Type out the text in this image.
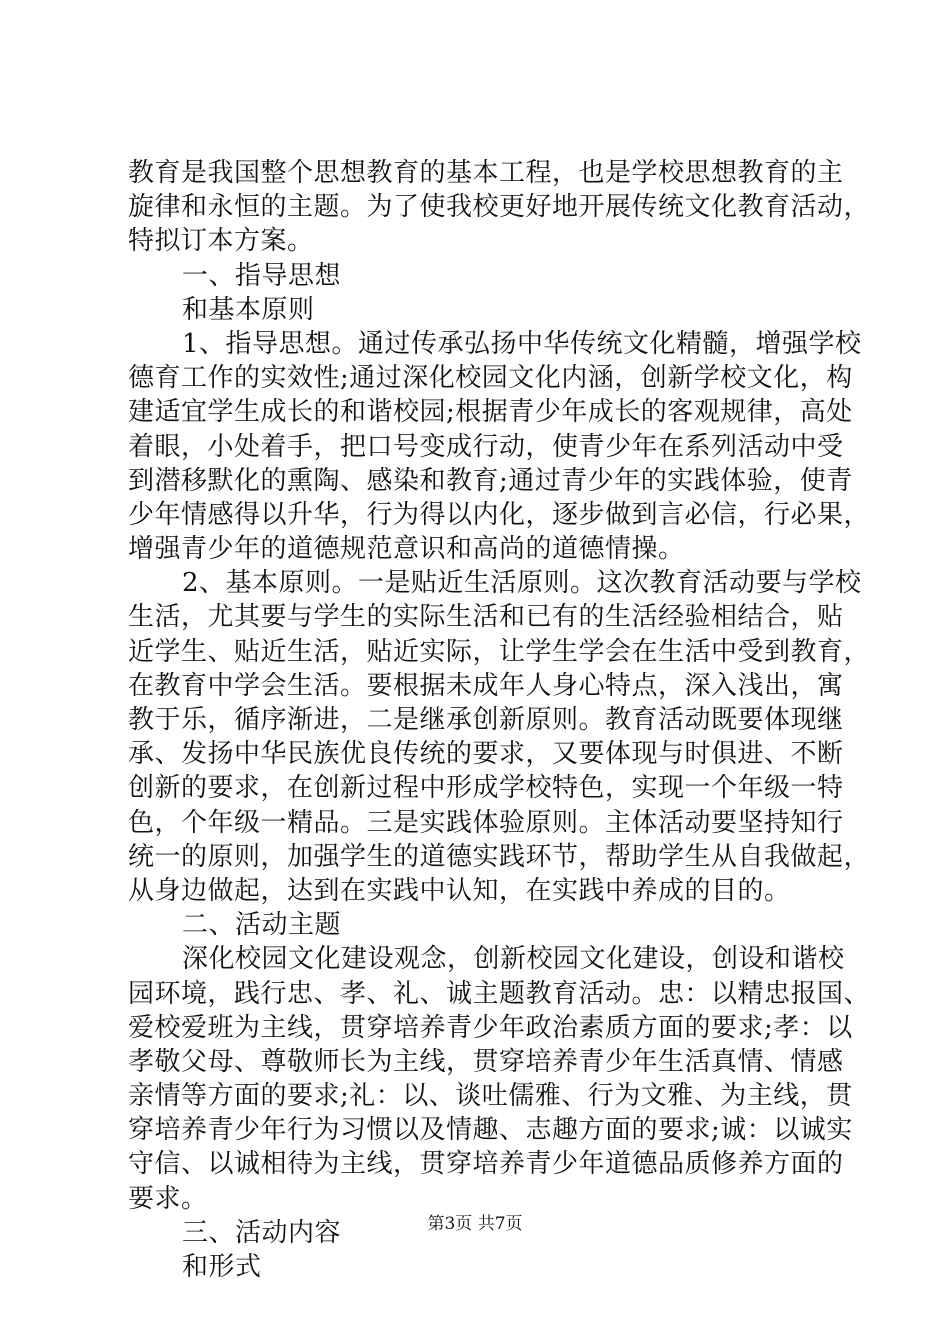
教育是我国整个思想教育的基本工程，也是学校思想教育的主
旋律和永恒的主题。为了使我校更好地开展传统文化教育活动，
特拟订本方案。
一、指导思想
和基本原则
1、指导思想。通过传承弘扬中华传统文化精髓，增强学校
德育工作的实效性;通过深化校园文化内涵，创新学校文化，构
建适宜学生成长的和谐校园;根据青少年成长的客观规律，高处
着眼，小处着手，把口号变成行动，使青少年在系列活动中受
到潜移默化的熏陶、感染和教育;通过青少年的实践体验，使青
少年情感得以升华，行为得以内化，逐步做到言必信，行必果，
增强青少年的道德规范意识和高尚的道德情操。
2、基本原则。一是贴近生活原则。这次教育活动要与学校
生活，尤其要与学生的实际生活和已有的生活经验相结合，贴
近学生、贴近生活，贴近实际，让学生学会在生活中受到教育，
在教育中学会生活。要根据未成年人身心特点，深入浅出，寓
教于乐，循序渐进，二是继承创新原则。教育活动既要体现继
承、发扬中华民族优良传统的要求，又要体现与时俱进、不断
创新的要求，在创新过程中形成学校特色，实现一个年级一特
色，个年级一精品。三是实践体验原则。主体活动要坚持知行
统一的原则，加强学生的道德实践环节，帮助学生从自我做起，
从身边做起，达到在实践中认知，在实践中养成的目的。
二、活动主题
深化校园文化建设观念，创新校园文化建设，创设和谐校
园环境，践行忠、孝、礼、诚主题教育活动。忠：以精忠报国、
爱校爱班为主线，贯穿培养青少年政治素质方面的要求;孝：以
孝敬父母、尊敬师长为主线，贯穿培养青少年生活真情、情感
亲情等方面的要求;礼：以、谈吐儒雅、行为文雅、为主线，贯
穿培养青少年行为习惯以及情趣、志趣方面的要求;诚：以诚实
守信、以诚相待为主线，贯穿培养青少年道德品质修养方面的
要求。
三、活动内容
和形式
第3页 共7页
